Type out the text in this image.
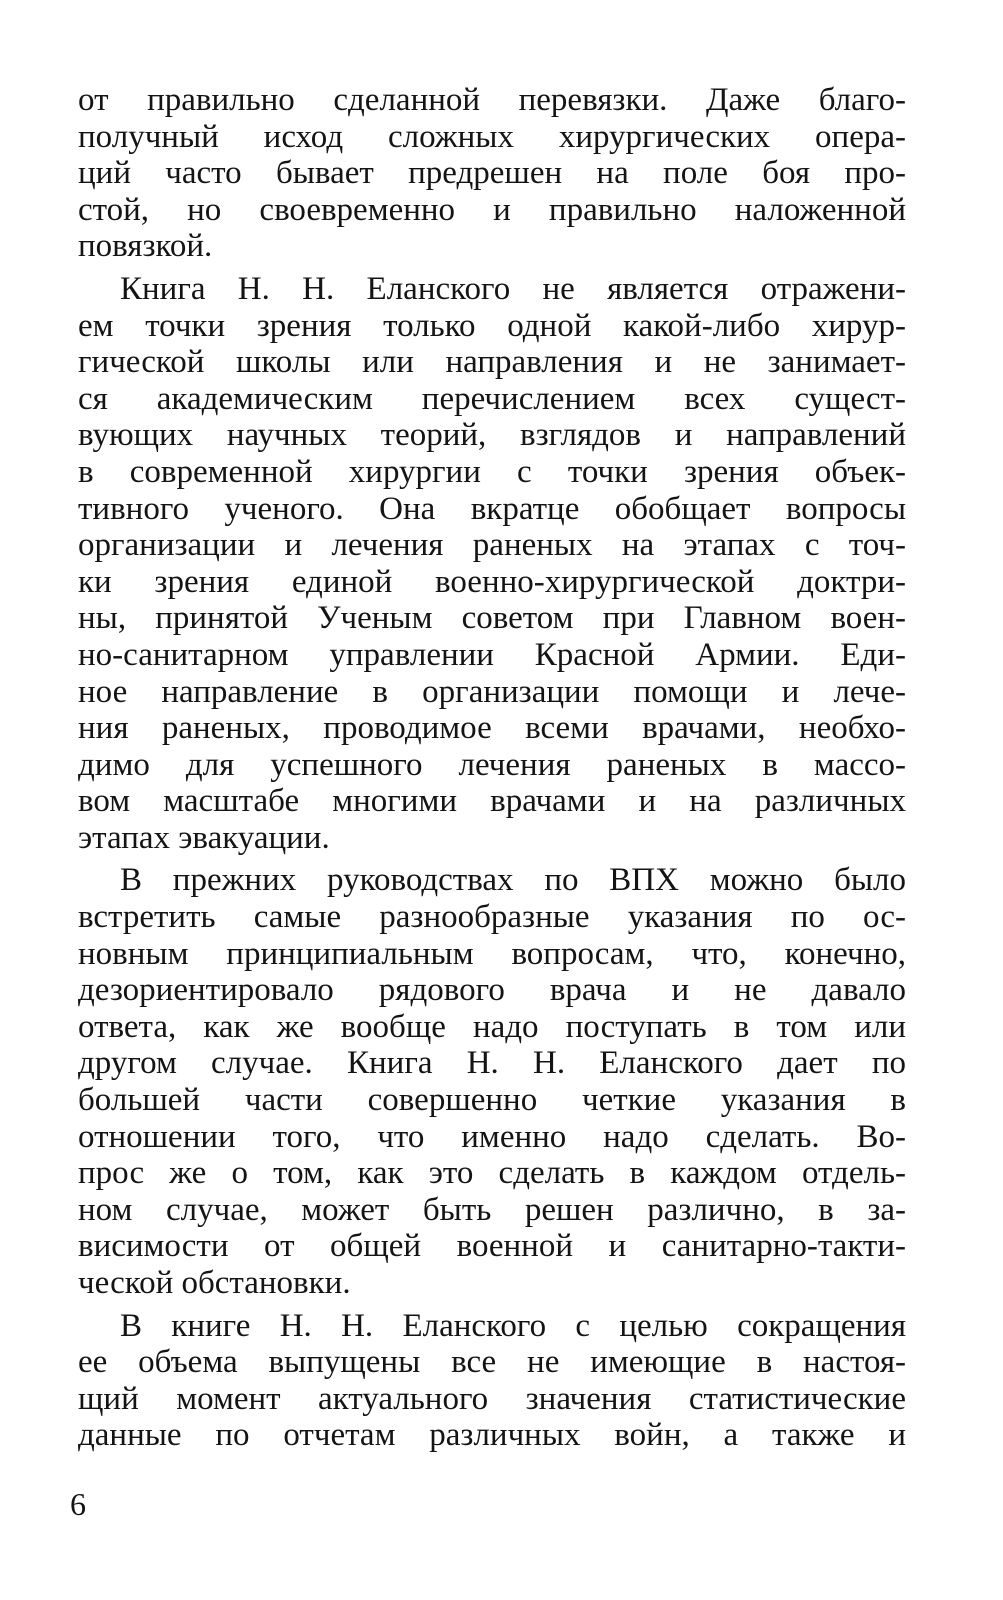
от правильно сделанной перевязки. Даже благо-
получный исход сложных хирургических опера-
ций часто бывает предрешен на поле боя про-
стой, но своевременно и правильно наложенной
повязкой.
Книга Н. Н. Еланского не является отражени-
ем точки зрения только одной какой-либо хирур-
гической школы или направления и не занимает-
ся академическим перечислением всех сущест-
вующих научных теорий, взглядов и направлений
в современной хирургии с точки зрения объек-
тивного ученого. Она вкратце обобщает вопросы
организации и лечения раненых на этапах с точ-
ки зрения единой военно-хирургической доктри-
ны, принятой Ученым советом при Главном воен-
но-санитарном управлении Красной Армии. Еди-
ное направление в организации помощи и лече-
ния раненых, проводимое всеми врачами, необхо-
димо для успешного лечения раненых в массо-
вом масштабе многими врачами и на различных
этапах эвакуации.
В прежних руководствах по ВПХ можно было
встретить самые разнообразные указания по ос-
новным принципиальным вопросам, что, конечно,
дезориентировало рядового врача и не давало
ответа, как же вообще надо поступать в том или
другом случае. Книга Н. Н. Еланского дает по
большей части совершенно четкие указания в
отношении того, что именно надо сделать. Во-
прос же о том, как это сделать в каждом отдель-
ном случае, может быть решен различно, в за-
висимости от общей военной и санитарно-такти-
ческой обстановки.
В книге Н. Н. Еланского с целью сокращения
ее объема выпущены все не имеющие в настоя-
щий момент актуального значения статистические
данные по отчетам различных войн, а также и
6
